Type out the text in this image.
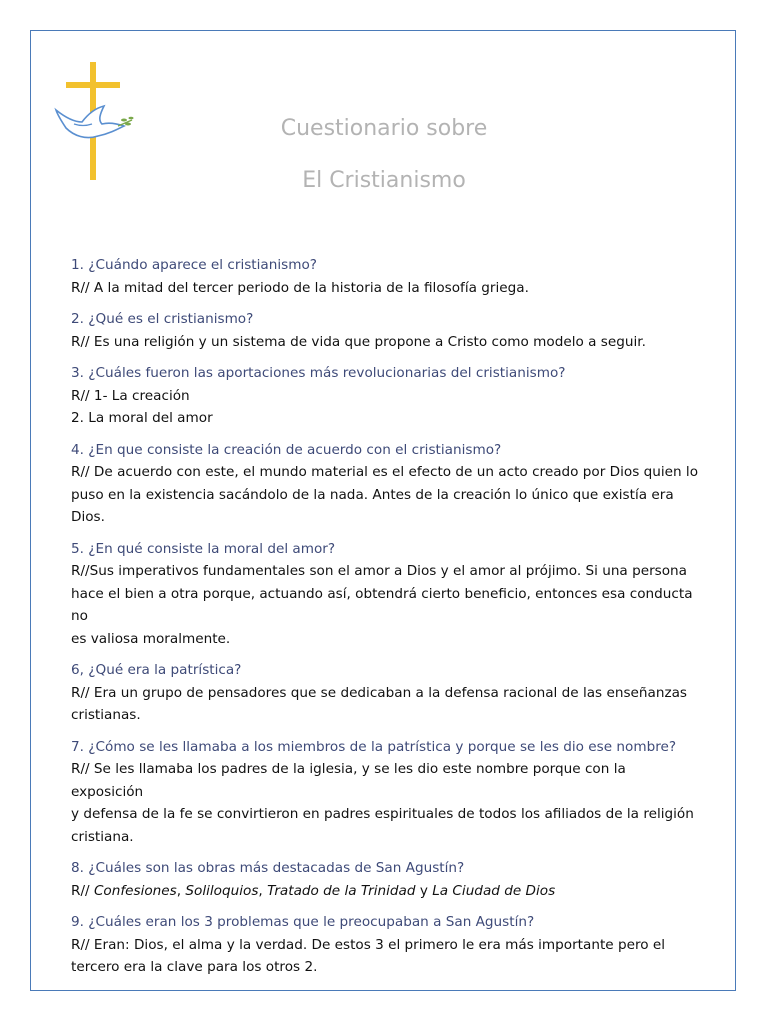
Cuestionario sobre
El Cristianismo
1. ¿Cuándo aparece el cristianismo?
R// A la mitad del tercer periodo de la historia de la filosofía griega.
2. ¿Qué es el cristianismo?
R// Es una religión y un sistema de vida que propone a Cristo como modelo a seguir.
3. ¿Cuáles fueron las aportaciones más revolucionarias del cristianismo?
R// 1- La creación
2. La moral del amor
4. ¿En que consiste la creación de acuerdo con el cristianismo?
R// De acuerdo con este, el mundo material es el efecto de un acto creado por Dios quien lo
puso en la existencia sacándolo de la nada. Antes de la creación lo único que existía era Dios.
5. ¿En qué consiste la moral del amor?
R//Sus imperativos fundamentales son el amor a Dios y el amor al prójimo. Si una persona
hace el bien a otra porque, actuando así, obtendrá cierto beneficio, entonces esa conducta no
es valiosa moralmente.
6, ¿Qué era la patrística?
R// Era un grupo de pensadores que se dedicaban a la defensa racional de las enseñanzas
cristianas.
7. ¿Cómo se les llamaba a los miembros de la patrística y porque se les dio ese nombre?
R// Se les llamaba los padres de la iglesia, y se les dio este nombre porque con la exposición
y defensa de la fe se convirtieron en padres espirituales de todos los afiliados de la religión
cristiana.
8. ¿Cuáles son las obras más destacadas de San Agustín?
R// Confesiones, Soliloquios, Tratado de la Trinidad y La Ciudad de Dios
9. ¿Cuáles eran los 3 problemas que le preocupaban a San Agustín?
R// Eran: Dios, el alma y la verdad. De estos 3 el primero le era más importante pero el
tercero era la clave para los otros 2.
